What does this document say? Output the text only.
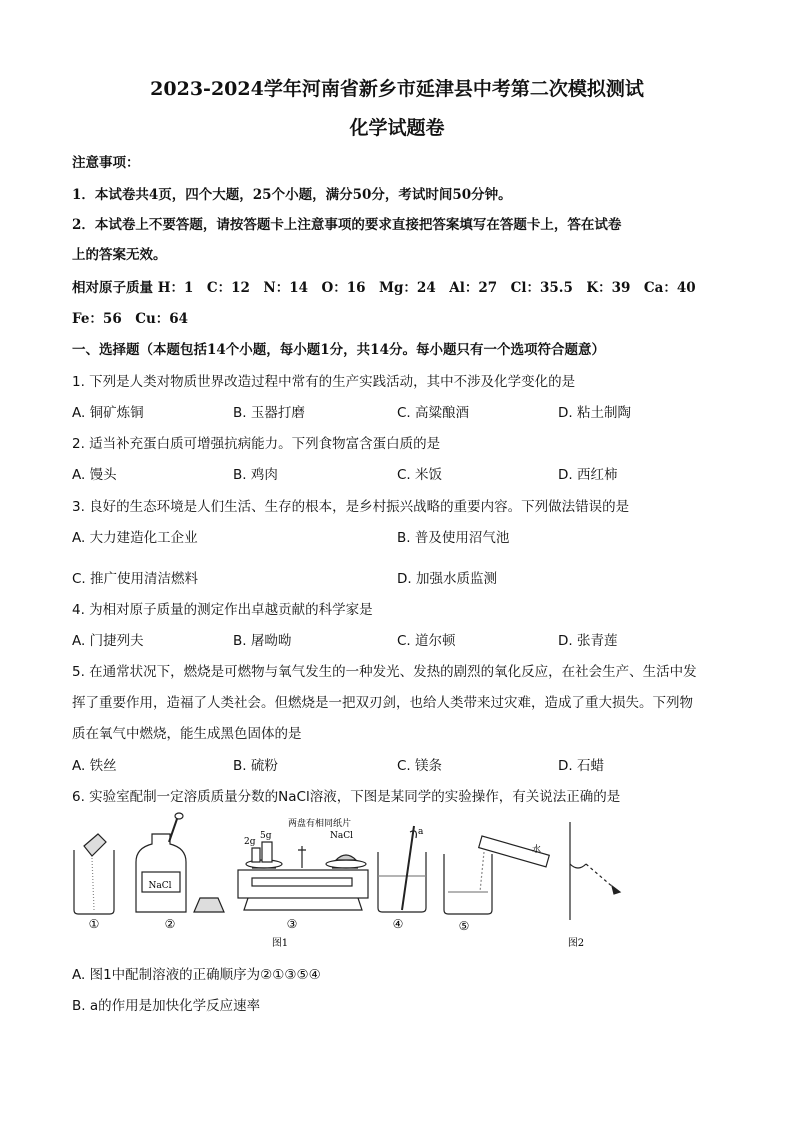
2023-2024学年河南省新乡市延津县中考第二次模拟测试
化学试题卷
注意事项：
1．本试卷共4页，四个大题，25个小题，满分50分，考试时间50分钟。
2．本试卷上不要答题，请按答题卡上注意事项的要求直接把答案填写在答题卡上，答在试卷
上的答案无效。
相对原子质量 H：1　C：12　N：14　O：16　Mg：24　Al：27　Cl：35.5　K：39　Ca：40
Fe：56　Cu：64
一、选择题（本题包括14个小题，每小题1分，共14分。每小题只有一个选项符合题意）
1. 下列是人类对物质世界改造过程中常有的生产实践活动，其中不涉及化学变化的是
A. 铜矿炼铜	B. 玉器打磨	C. 高粱酿酒	D. 粘土制陶
2. 适当补充蛋白质可增强抗病能力。下列食物富含蛋白质的是
A. 馒头	B. 鸡肉	C. 米饭	D. 西红柿
3. 良好的生态环境是人们生活、生存的根本，是乡村振兴战略的重要内容。下列做法错误的是
A. 大力建造化工企业	B. 普及使用沼气池
C. 推广使用清洁燃料	D. 加强水质监测
4. 为相对原子质量的测定作出卓越贡献的科学家是
A. 门捷列夫	B. 屠呦呦	C. 道尔顿	D. 张青莲
5. 在通常状况下，燃烧是可燃物与氧气发生的一种发光、发热的剧烈的氧化反应，在社会生产、生活中发
挥了重要作用，造福了人类社会。但燃烧是一把双刃剑，也给人类带来过灾难，造成了重大损失。下列物
质在氧气中燃烧，能生成黑色固体的是
A. 铁丝	B. 硫粉	C. 镁条	D. 石蜡
6. 实验室配制一定溶质质量分数的NaCl溶液，下图是某同学的实验操作，有关说法正确的是
NaCl
两盘有相同纸片
NaCl
2g
5g	a
水
①	②	③	④	⑤
图1	图2
A. 图1中配制溶液的正确顺序为②①③⑤④
B. a的作用是加快化学反应速率
